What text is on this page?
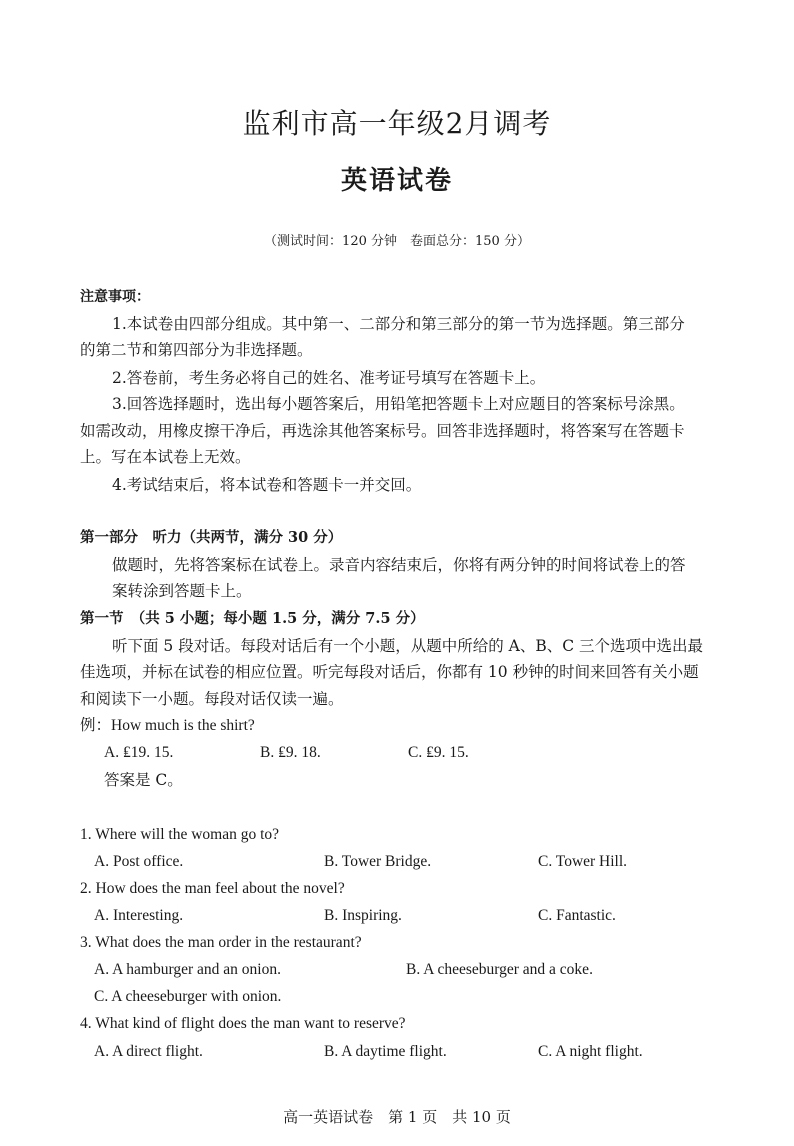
监利市高一年级2月调考
英语试卷
（测试时间：120 分钟　卷面总分：150 分）
注意事项：
1.本试卷由四部分组成。其中第一、二部分和第三部分的第一节为选择题。第三部分
的第二节和第四部分为非选择题。
2.答卷前，考生务必将自己的姓名、准考证号填写在答题卡上。
3.回答选择题时，选出每小题答案后，用铅笔把答题卡上对应题目的答案标号涂黑。
如需改动，用橡皮擦干净后，再选涂其他答案标号。回答非选择题时，将答案写在答题卡
上。写在本试卷上无效。
4.考试结束后，将本试卷和答题卡一并交回。
第一部分　听力（共两节，满分 30 分）
做题时，先将答案标在试卷上。录音内容结束后，你将有两分钟的时间将试卷上的答
案转涂到答题卡上。
第一节　（共 5 小题；每小题 1.5 分，满分 7.5 分）
听下面 5 段对话。每段对话后有一个小题，从题中所给的 A、B、C 三个选项中选出最
佳选项，并标在试卷的相应位置。听完每段对话后，你都有 10 秒钟的时间来回答有关小题
和阅读下一小题。每段对话仅读一遍。
例：How much is the shirt?
A. ₤19. 15.	B. ₤9. 18.	C. ₤9. 15.
答案是 C。
1. Where will the woman go to?
A. Post office.	B. Tower Bridge.	C. Tower Hill.
2. How does the man feel about the novel?
A. Interesting.	B. Inspiring.	C. Fantastic.
3. What does the man order in the restaurant?
A. A hamburger and an onion.	B. A cheeseburger and a coke.
C. A cheeseburger with onion.
4. What kind of flight does the man want to reserve?
A. A direct flight.	B. A daytime flight.	C. A night flight.
高一英语试卷　第 1 页　共 10 页
